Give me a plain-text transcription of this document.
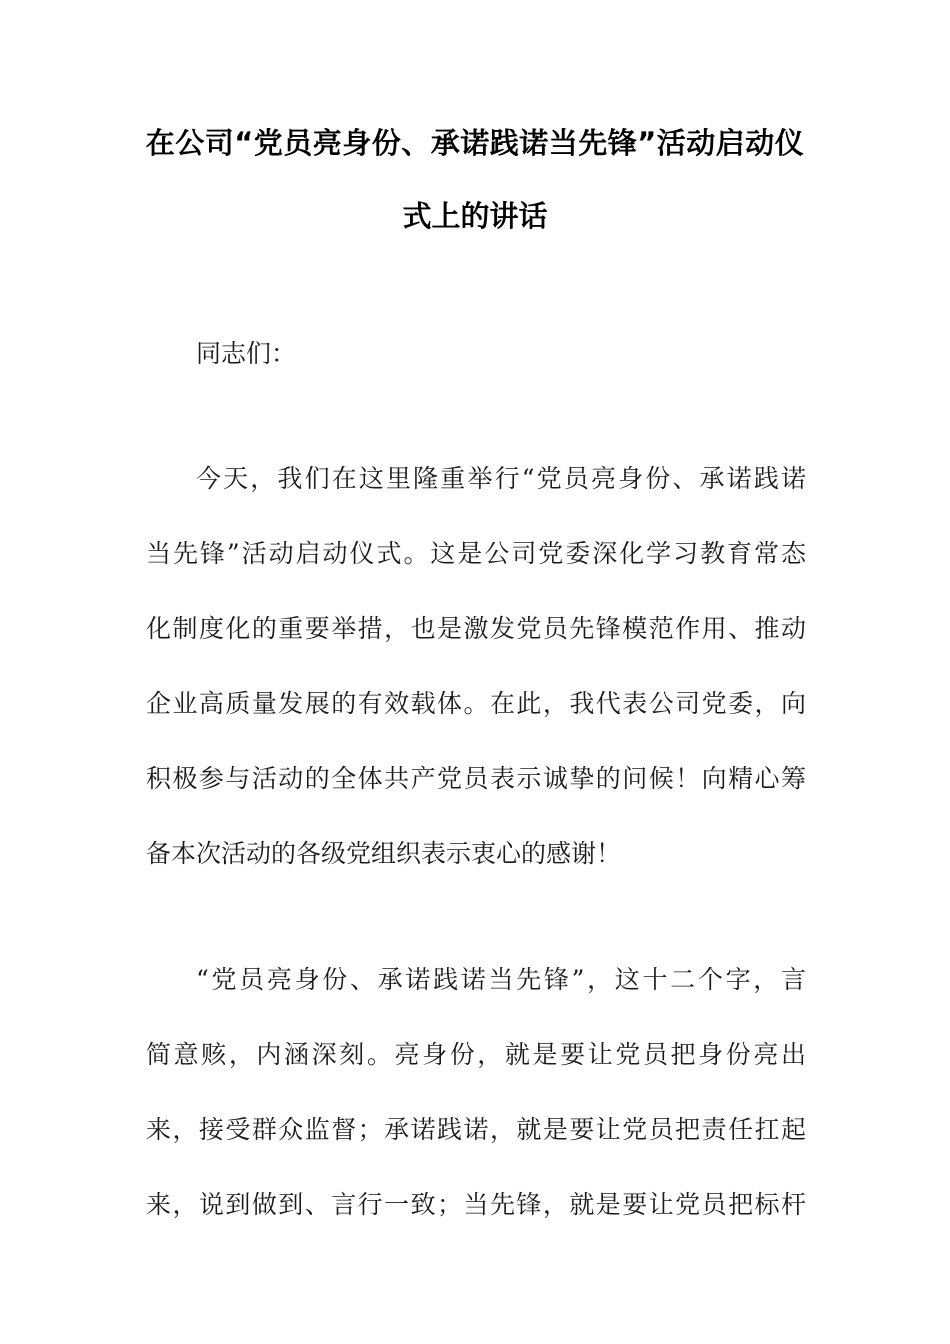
在公司“党员亮身份、承诺践诺当先锋”活动启动仪
式上的讲话
同志们：
今天，我们在这里隆重举行“党员亮身份、承诺践诺
当先锋”活动启动仪式。这是公司党委深化学习教育常态
化制度化的重要举措，也是激发党员先锋模范作用、推动
企业高质量发展的有效载体。在此，我代表公司党委，向
积极参与活动的全体共产党员表示诚挚的问候！向精心筹
备本次活动的各级党组织表示衷心的感谢！
“党员亮身份、承诺践诺当先锋”，这十二个字，言
简意赅，内涵深刻。亮身份，就是要让党员把身份亮出
来，接受群众监督；承诺践诺，就是要让党员把责任扛起
来，说到做到、言行一致；当先锋，就是要让党员把标杆
